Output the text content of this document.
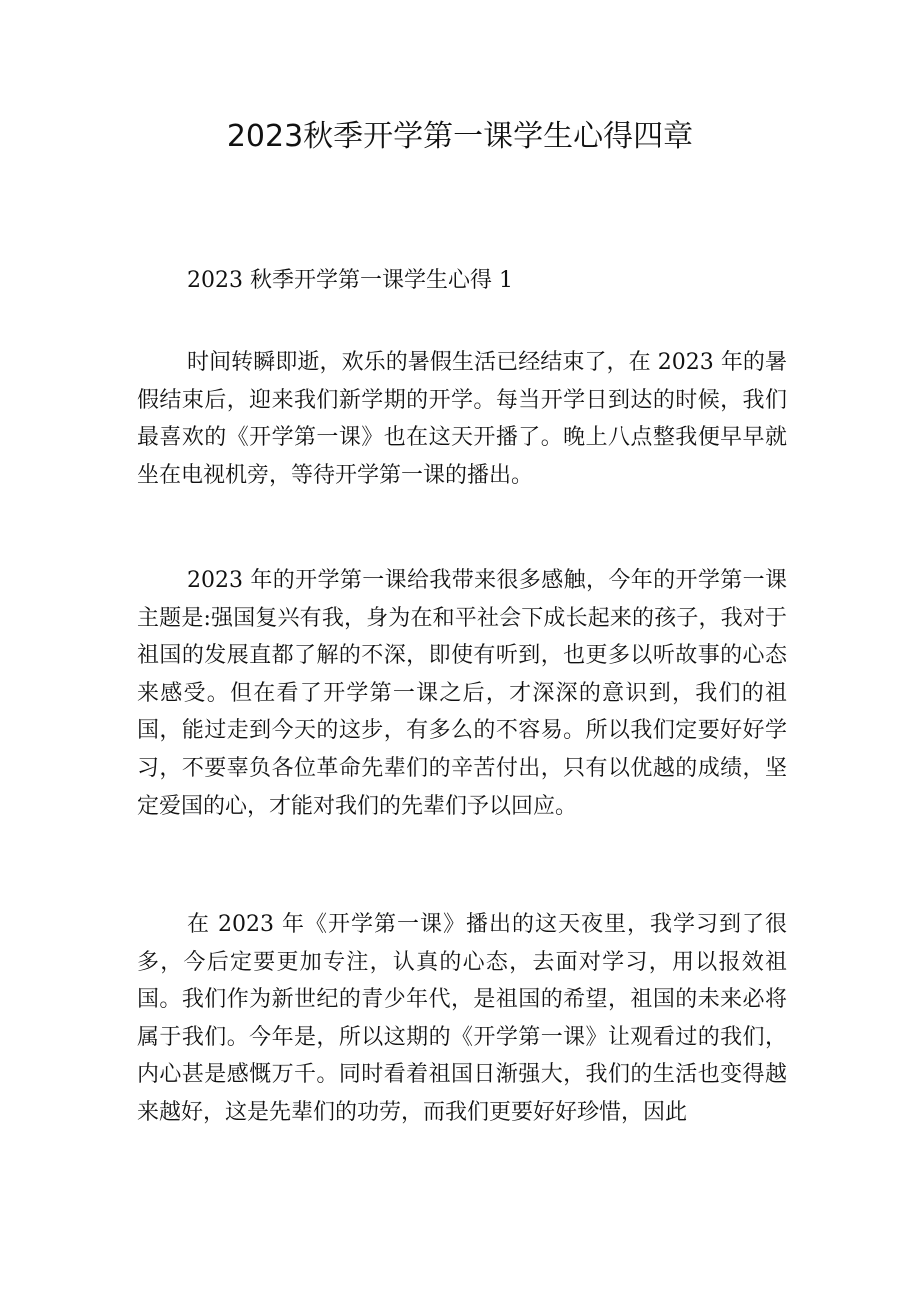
2023秋季开学第一课学生心得四章
2023 秋季开学第一课学生心得 1

时间转瞬即逝，欢乐的暑假生活已经结束了，在 2023 年的暑假结束后，迎来我们新学期的开学。每当开学日到达的时候，我们最喜欢的《开学第一课》也在这天开播了。晚上八点整我便早早就坐在电视机旁，等待开学第一课的播出。

2023 年的开学第一课给我带来很多感触，今年的开学第一课主题是:强国复兴有我，身为在和平社会下成长起来的孩子，我对于祖国的发展直都了解的不深，即使有听到，也更多以听故事的心态来感受。但在看了开学第一课之后，才深深的意识到，我们的祖国，能过走到今天的这步，有多么的不容易。所以我们定要好好学习，不要辜负各位革命先辈们的辛苦付出，只有以优越的成绩，坚定爱国的心，才能对我们的先辈们予以回应。

在 2023 年《开学第一课》播出的这天夜里，我学习到了很多，今后定要更加专注，认真的心态，去面对学习，用以报效祖国。我们作为新世纪的青少年代，是祖国的希望，祖国的未来必将属于我们。今年是，所以这期的《开学第一课》让观看过的我们，内心甚是感慨万千。同时看着祖国日渐强大，我们的生活也变得越来越好，这是先辈们的功劳，而我们更要好好珍惜，因此
